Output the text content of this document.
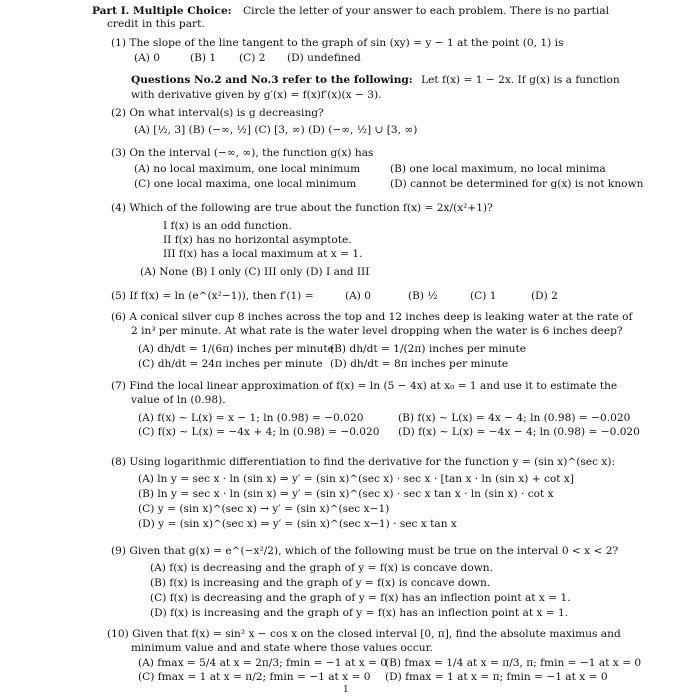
Part I. Multiple Choice: Circle the letter of your answer to each problem. There is no partial
credit in this part.
(1) The slope of the line tangent to the graph of sin (xy) = y − 1 at the point (0, 1) is
(A) 0	(B) 1 (C) 2 (D) undefined
Questions No.2 and No.3 refer to the following: Let f(x) = 1 − 2x. If g(x) is a function
with derivative given by g′(x) = f(x)f′(x)(x − 3).
(2) On what interval(s) is g decreasing?
(A) [½, 3] (B) (−∞, ½] (C) [3, ∞) (D) (−∞, ½] ∪ [3, ∞)
(3) On the interval (−∞, ∞), the function g(x) has
(A) no local maximum, one local minimum	(B) one local maximum, no local minima
(C) one local maxima, one local minimum	(D) cannot be determined for g(x) is not known
(4) Which of the following are true about the function f(x) = 2x/(x²+1)?
I f(x) is an odd function.
II f(x) has no horizontal asymptote.
III f(x) has a local maximum at x = 1.
(A) None (B) I only (C) III only (D) I and III
(5) If f(x) = ln (e^(x²−1)), then f′(1) =	(A) 0	(B) ½	(C) 1	(D) 2
(6) A conical silver cup 8 inches across the top and 12 inches deep is leaking water at the rate of
2 in³ per minute. At what rate is the water level dropping when the water is 6 inches deep?
(A) dh/dt = 1/(6π) inches per minute
(B) dh/dt = 1/(2π) inches per minute
(C) dh/dt = 24π inches per minute (D) dh/dt = 8π inches per minute
(7) Find the local linear approximation of f(x) = ln (5 − 4x) at x₀ = 1 and use it to estimate the
value of ln (0.98).
(A) f(x) ∼ L(x) = x − 1; ln (0.98) = −0.020	(B) f(x) ∼ L(x) = 4x − 4; ln (0.98) = −0.020
(C) f(x) ∼ L(x) = −4x + 4; ln (0.98) = −0.020 (D) f(x) ∼ L(x) = −4x − 4; ln (0.98) = −0.020
(8) Using logarithmic differentiation to find the derivative for the function y = (sin x)^(sec x):
(A) ln y = sec x · ln (sin x) ⇒ y′ = (sin x)^(sec x) · sec x · [tan x · ln (sin x) + cot x]
(B) ln y = sec x · ln (sin x) ⇒ y′ = (sin x)^(sec x) · sec x tan x · ln (sin x) · cot x
(C) y = (sin x)^(sec x) → y′ = (sin x)^(sec x−1)
(D) y = (sin x)^(sec x) ⇒ y′ = (sin x)^(sec x−1) · sec x tan x
(9) Given that g(x) = e^(−x²/2), which of the following must be true on the interval 0 < x < 2?
(A) f(x) is decreasing and the graph of y = f(x) is concave down.
(B) f(x) is increasing and the graph of y = f(x) is concave down.
(C) f(x) is decreasing and the graph of y = f(x) has an inflection point at x = 1.
(D) f(x) is increasing and the graph of y = f(x) has an inflection point at x = 1.
(10) Given that f(x) = sin² x − cos x on the closed interval [0, π], find the absolute maximus and
minimum value and and state where those values occur.
(A) fmax = 5/4 at x = 2π/3; fmin = −1 at x = 0
(B) fmax = 1/4 at x = π/3, π; fmin = −1 at x = 0
(C) fmax = 1 at x = π/2; fmin = −1 at x = 0 (D) fmax = 1 at x = π; fmin = −1 at x = 0
1
